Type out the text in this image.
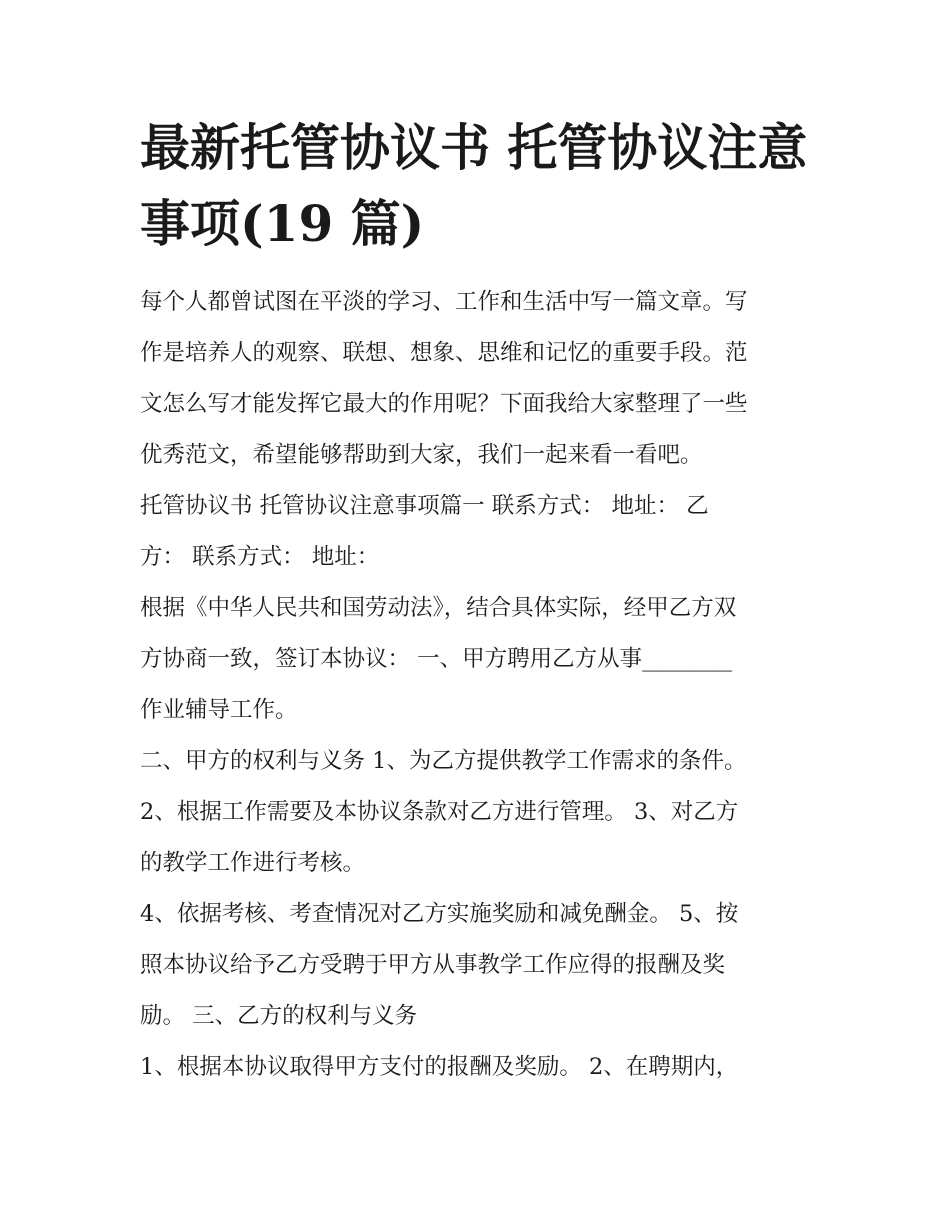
最新托管协议书 托管协议注意
事项(19 篇)

每个人都曾试图在平淡的学习、工作和生活中写一篇文章。写
作是培养人的观察、联想、想象、思维和记忆的重要手段。范
文怎么写才能发挥它最大的作用呢？下面我给大家整理了一些
优秀范文，希望能够帮助到大家，我们一起来看一看吧。

托管协议书 托管协议注意事项篇一 联系方式： 地址： 乙
方： 联系方式： 地址：

根据《中华人民共和国劳动法》，结合具体实际，经甲乙方双
方协商一致，签订本协议： 一、甲方聘用乙方从事________
作业辅导工作。

二、甲方的权利与义务 1、为乙方提供教学工作需求的条件。

2、根据工作需要及本协议条款对乙方进行管理。 3、对乙方
的教学工作进行考核。

4、依据考核、考查情况对乙方实施奖励和减免酬金。 5、按
照本协议给予乙方受聘于甲方从事教学工作应得的报酬及奖
励。 三、乙方的权利与义务

1、根据本协议取得甲方支付的报酬及奖励。 2、在聘期内，
